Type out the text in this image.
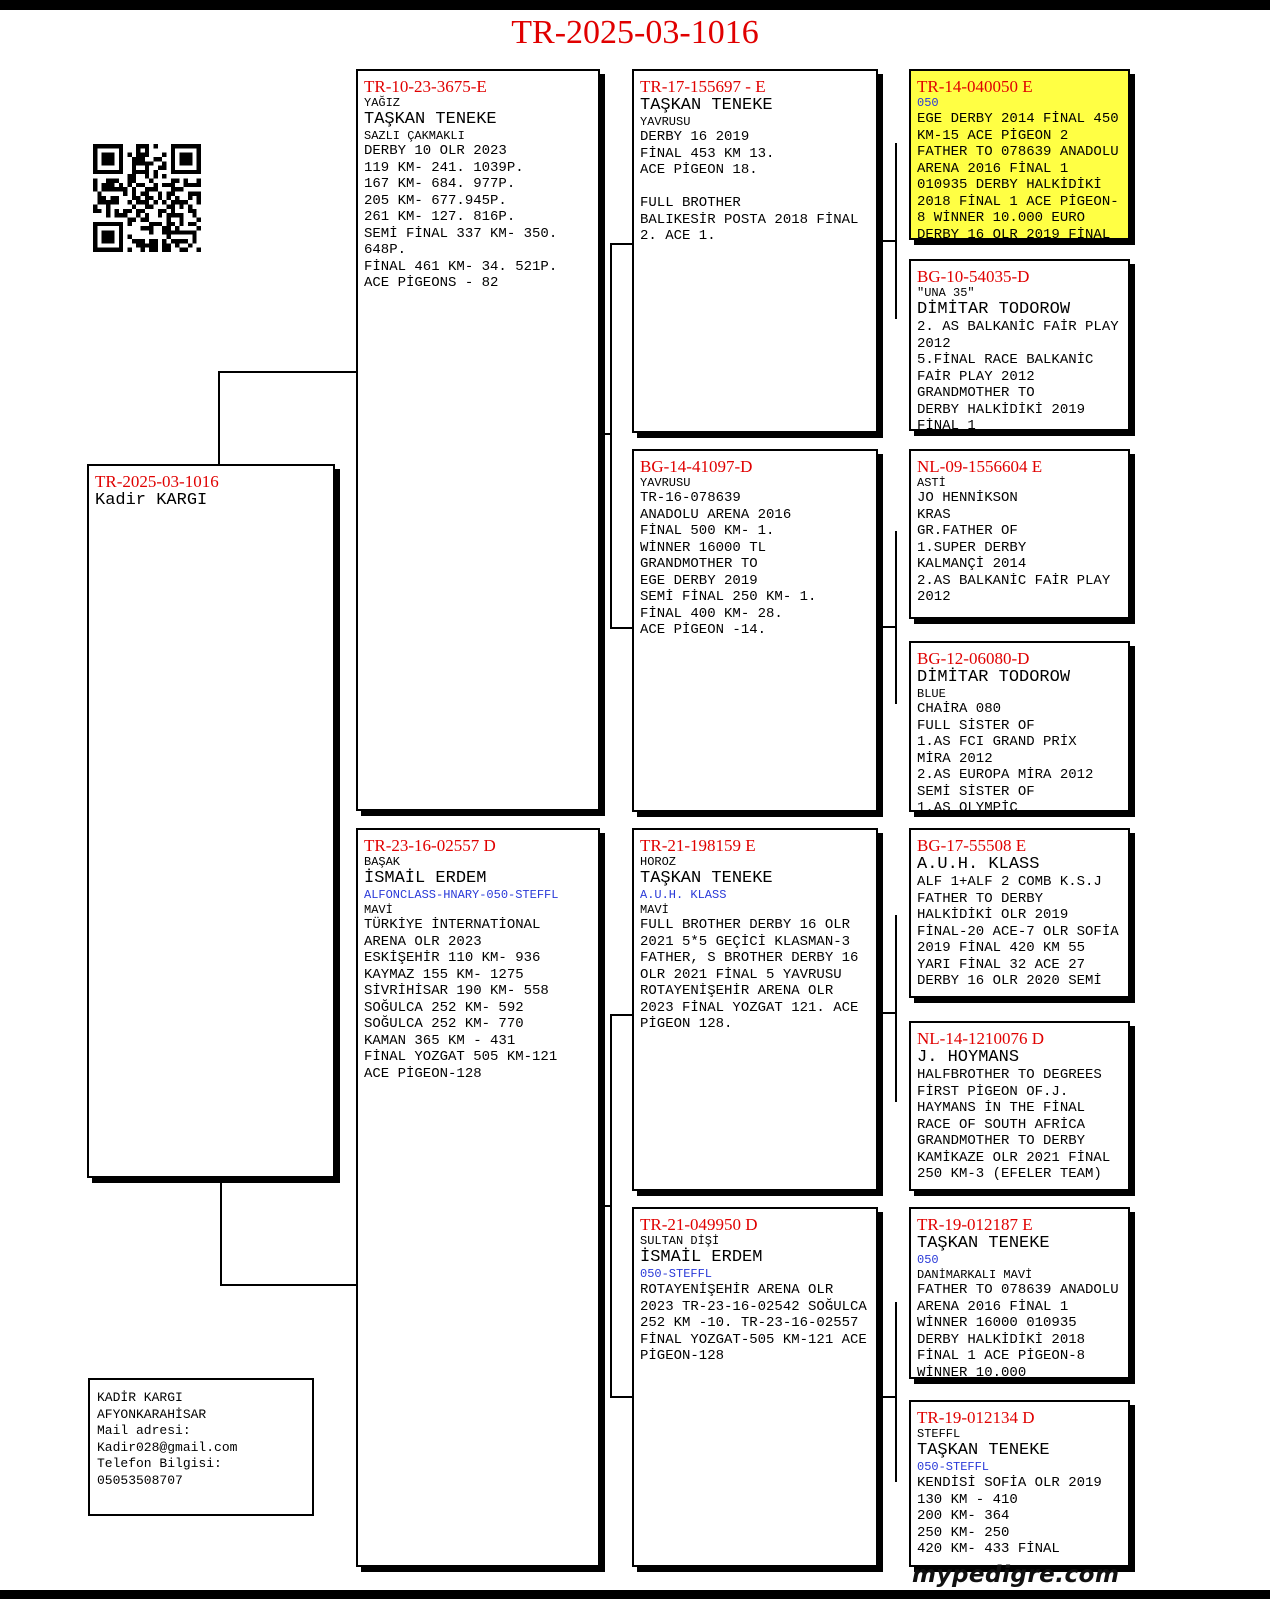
TR-2025-03-1016
TR-2025-03-1016
Kadir KARGI
TR-10-23-3675-E
YAĞIZ
TAŞKAN TENEKE
SAZLI ÇAKMAKLI
DERBY 10 OLR 2023
119 KM- 241. 1039P.
167 KM- 684. 977P.
205 KM- 677.945P.
261 KM- 127. 816P.
SEMİ FİNAL 337 KM- 350.
648P.
FİNAL 461 KM- 34. 521P.
ACE PİGEONS - 82
TR-23-16-02557 D
BAŞAK
İSMAİL ERDEM
ALFONCLASS-HNARY-050-STEFFL
MAVİ
TÜRKİYE İNTERNATİONAL
ARENA OLR 2023
ESKİŞEHİR 110 KM- 936
KAYMAZ 155 KM- 1275
SİVRİHİSAR 190 KM- 558
SOĞULCA 252 KM- 592
SOĞULCA 252 KM- 770
KAMAN 365 KM - 431
FİNAL YOZGAT 505 KM-121
ACE PİGEON-128
TR-17-155697 - E
TAŞKAN TENEKE
YAVRUSU
DERBY 16 2019
FİNAL 453 KM 13.
ACE PİGEON 18.

FULL BROTHER
BALIKESİR POSTA 2018 FİNAL
2. ACE 1.
BG-14-41097-D
YAVRUSU
TR-16-078639
ANADOLU ARENA 2016
FİNAL 500 KM- 1.
WİNNER 16000 TL
GRANDMOTHER TO
EGE DERBY 2019
SEMİ FİNAL 250 KM- 1.
FİNAL 400 KM- 28.
ACE PİGEON -14.
TR-21-198159 E
HOROZ
TAŞKAN TENEKE
A.U.H. KLASS
MAVİ
FULL BROTHER DERBY 16 OLR
2021 5*5 GEÇİCİ KLASMAN-3
FATHER, S BROTHER DERBY 16
OLR 2021 FİNAL 5 YAVRUSU
ROTAYENİŞEHİR ARENA OLR
2023 FİNAL YOZGAT 121. ACE
PİGEON 128.
TR-21-049950 D
SULTAN DİŞİ
İSMAİL ERDEM
050-STEFFL
ROTAYENİŞEHİR ARENA OLR
2023 TR-23-16-02542 SOĞULCA
252 KM -10. TR-23-16-02557
FİNAL YOZGAT-505 KM-121 ACE
PİGEON-128
TR-14-040050 E
050
EGE DERBY 2014 FİNAL 450
KM-15 ACE PİGEON 2
FATHER TO 078639 ANADOLU
ARENA 2016 FİNAL 1
010935 DERBY HALKİDİKİ
2018 FİNAL 1 ACE PİGEON-
8 WİNNER 10.000 EURO
DERBY 16 OLR 2019 FİNAL
BG-10-54035-D
"UNA 35"
DİMİTAR TODOROW
2. AS BALKANİC FAİR PLAY
2012
5.FİNAL RACE BALKANİC
FAİR PLAY 2012
GRANDMOTHER TO
DERBY HALKİDİKİ 2019
FİNAL 1
NL-09-1556604 E
ASTİ
JO HENNİKSON
KRAS
GR.FATHER OF
1.SUPER DERBY
KALMANÇİ 2014
2.AS BALKANİC FAİR PLAY
2012
BG-12-06080-D
DİMİTAR TODOROW
BLUE
CHAİRA 080
FULL SİSTER OF
1.AS FCI GRAND PRİX
MİRA 2012
2.AS EUROPA MİRA 2012
SEMİ SİSTER OF
1.AS OLYMPİC
BG-17-55508 E
A.U.H. KLASS
ALF 1+ALF 2 COMB K.S.J
FATHER TO DERBY
HALKİDİKİ OLR 2019
FİNAL-20 ACE-7 OLR SOFİA
2019 FİNAL 420 KM 55
YARI FİNAL 32 ACE 27
DERBY 16 OLR 2020 SEMİ
NL-14-1210076 D
J. HOYMANS
HALFBROTHER TO DEGREES
FİRST PİGEON OF.J.
HAYMANS İN THE FİNAL
RACE OF SOUTH AFRİCA
GRANDMOTHER TO DERBY
KAMİKAZE OLR 2021 FİNAL
250 KM-3 (EFELER TEAM)
TR-19-012187 E
TAŞKAN TENEKE
050
DANİMARKALI MAVİ
FATHER TO 078639 ANADOLU
ARENA 2016 FİNAL 1
WİNNER 16000 010935
DERBY HALKİDİKİ 2018
FİNAL 1 ACE PİGEON-8
WİNNER 10.000
TR-19-012134 D
STEFFL
TAŞKAN TENEKE
050-STEFFL
KENDİSİ SOFİA OLR 2019
130 KM - 410
200 KM- 364
250 KM- 250
420 KM- 433 FİNAL
KADİR KARGI
AFYONKARAHİSAR
Mail adresi:
Kadir028@gmail.com
Telefon Bilgisi:
05053508707
mypedigre.com
